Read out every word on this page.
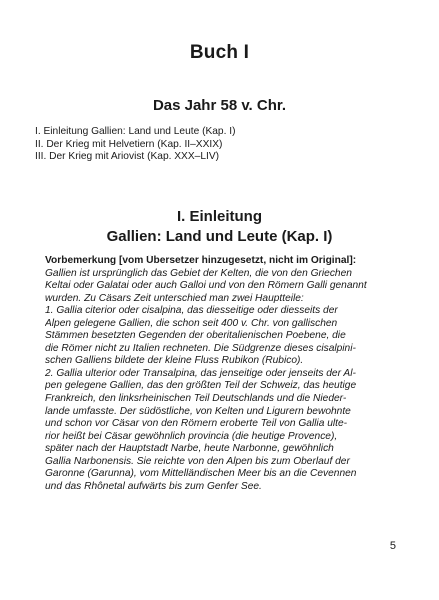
Buch I
Das Jahr 58 v. Chr.
I. Einleitung Gallien: Land und Leute (Kap. I)
II. Der Krieg mit Helvetiern (Kap. II–XXIX)
III. Der Krieg mit Ariovist (Kap. XXX–LIV)
I. Einleitung
Gallien: Land und Leute (Kap. I)
Vorbemerkung [vom Übersetzer hinzugesetzt, nicht im Original]:
Gallien ist ursprünglich das Gebiet der Kelten, die von den Griechen
Keltai oder Galatai oder auch Galloi und von den Römern Galli genannt
wurden. Zu Cäsars Zeit unterschied man zwei Hauptteile:
1. Gallia citerior oder cisalpina, das diesseitige oder diesseits der
Alpen gelegene Gallien, die schon seit 400 v. Chr. von gallischen
Stämmen besetzten Gegenden der oberitalienischen Poebene, die
die Römer nicht zu Italien rechneten. Die Südgrenze dieses cisalpini-
schen Galliens bildete der kleine Fluss Rubikon (Rubico).
2. Gallia ulterior oder Transalpina, das jenseitige oder jenseits der Al-
pen gelegene Gallien, das den größten Teil der Schweiz, das heutige
Frankreich, den linksrheinischen Teil Deutschlands und die Nieder-
lande umfasste. Der südöstliche, von Kelten und Ligurern bewohnte
und schon vor Cäsar von den Römern eroberte Teil von Gallia ulte-
rior heißt bei Cäsar gewöhnlich provincia (die heutige Provence),
später nach der Hauptstadt Narbe, heute Narbonne, gewöhnlich
Gallia Narbonensis. Sie reichte von den Alpen bis zum Oberlauf der
Garonne (Garunna), vom Mittelländischen Meer bis an die Cevennen
und das Rhônetal aufwärts bis zum Genfer See.
5
